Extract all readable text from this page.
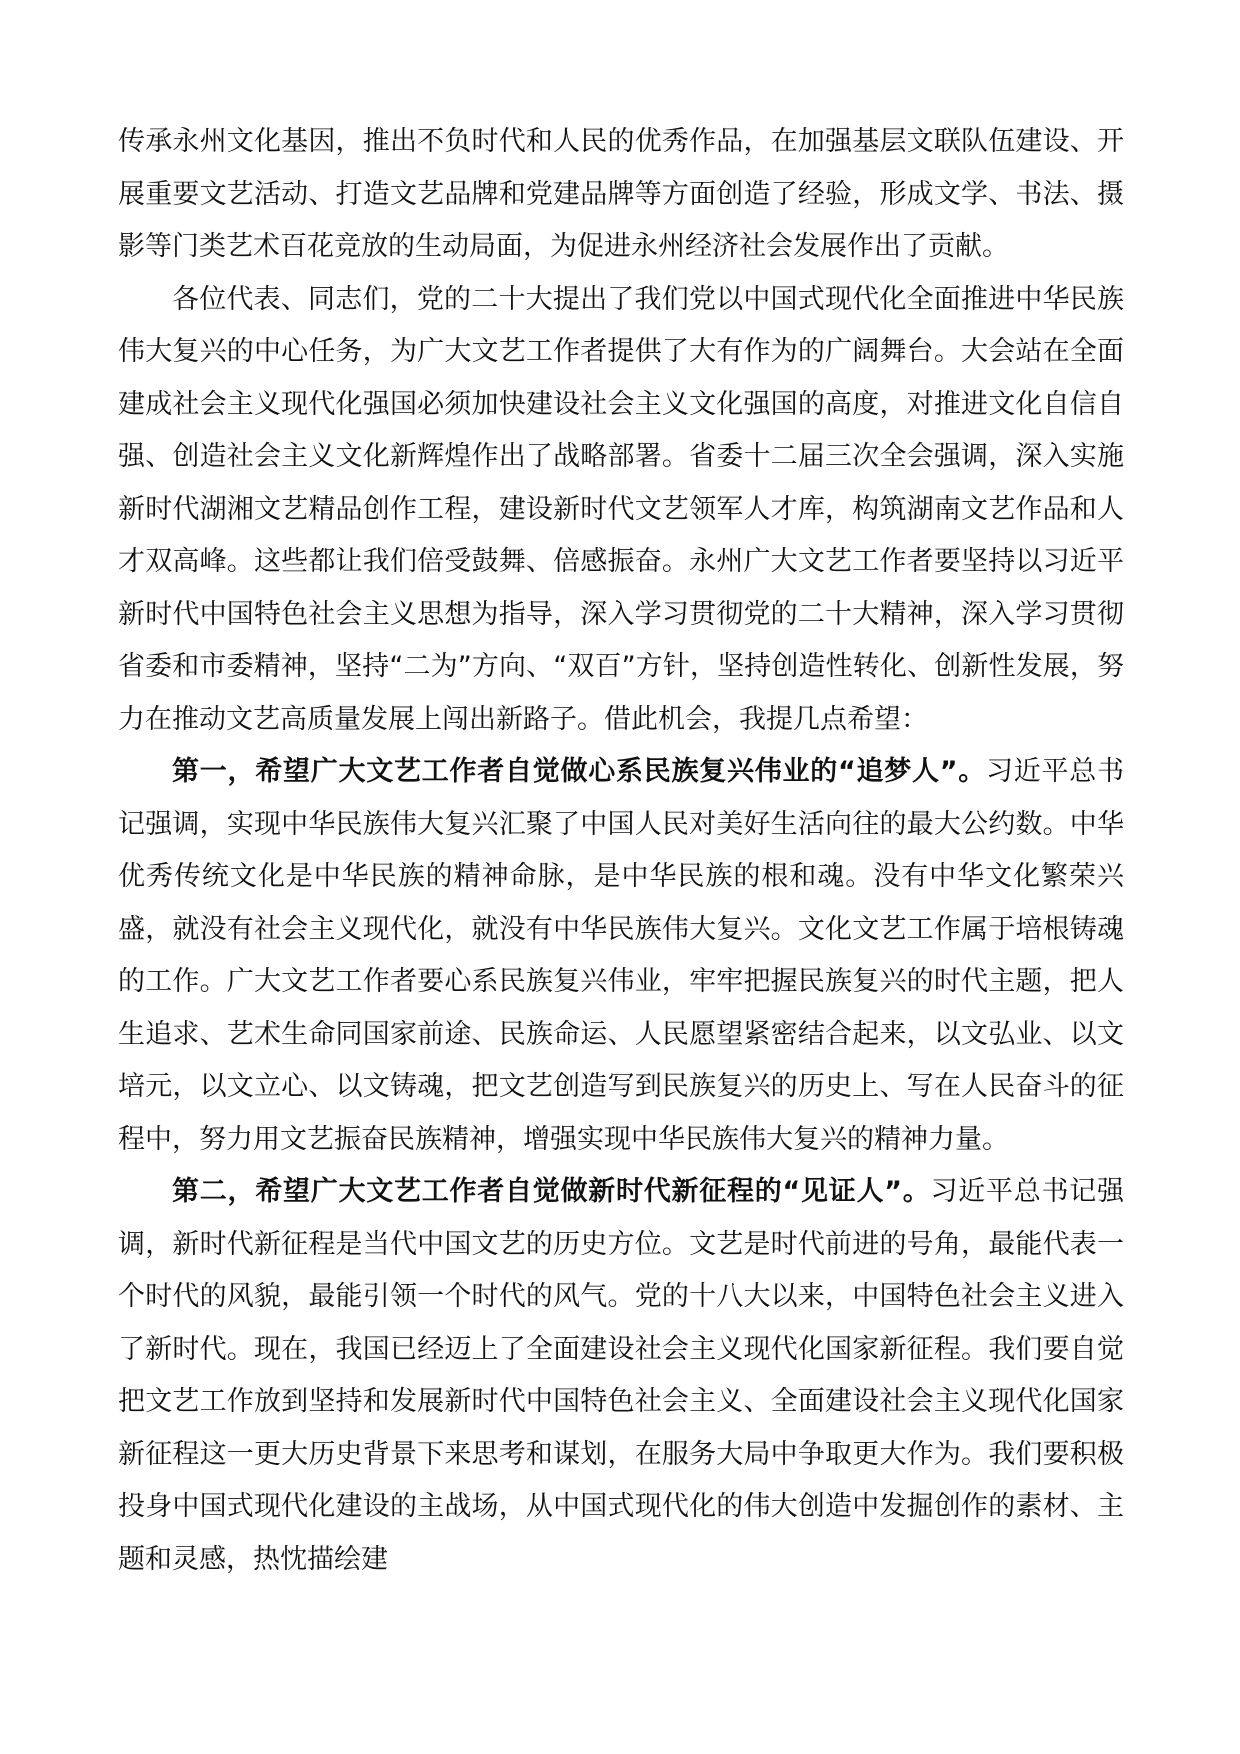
传承永州文化基因，推出不负时代和人民的优秀作品，在加强基层文联队伍建设、开展重要文艺活动、打造文艺品牌和党建品牌等方面创造了经验，形成文学、书法、摄影等门类艺术百花竞放的生动局面，为促进永州经济社会发展作出了贡献。

各位代表、同志们，党的二十大提出了我们党以中国式现代化全面推进中华民族伟大复兴的中心任务，为广大文艺工作者提供了大有作为的广阔舞台。大会站在全面建成社会主义现代化强国必须加快建设社会主义文化强国的高度，对推进文化自信自强、创造社会主义文化新辉煌作出了战略部署。省委十二届三次全会强调，深入实施新时代湖湘文艺精品创作工程，建设新时代文艺领军人才库，构筑湖南文艺作品和人才双高峰。这些都让我们倍受鼓舞、倍感振奋。永州广大文艺工作者要坚持以习近平新时代中国特色社会主义思想为指导，深入学习贯彻党的二十大精神，深入学习贯彻省委和市委精神，坚持“二为”方向、“双百”方针，坚持创造性转化、创新性发展，努力在推动文艺高质量发展上闯出新路子。借此机会，我提几点希望：

第一，希望广大文艺工作者自觉做心系民族复兴伟业的“追梦人”。习近平总书记强调，实现中华民族伟大复兴汇聚了中国人民对美好生活向往的最大公约数。中华优秀传统文化是中华民族的精神命脉，是中华民族的根和魂。没有中华文化繁荣兴盛，就没有社会主义现代化，就没有中华民族伟大复兴。文化文艺工作属于培根铸魂的工作。广大文艺工作者要心系民族复兴伟业，牢牢把握民族复兴的时代主题，把人生追求、艺术生命同国家前途、民族命运、人民愿望紧密结合起来，以文弘业、以文培元，以文立心、以文铸魂，把文艺创造写到民族复兴的历史上、写在人民奋斗的征程中，努力用文艺振奋民族精神，增强实现中华民族伟大复兴的精神力量。

第二，希望广大文艺工作者自觉做新时代新征程的“见证人”。习近平总书记强调，新时代新征程是当代中国文艺的历史方位。文艺是时代前进的号角，最能代表一个时代的风貌，最能引领一个时代的风气。党的十八大以来，中国特色社会主义进入了新时代。现在，我国已经迈上了全面建设社会主义现代化国家新征程。我们要自觉把文艺工作放到坚持和发展新时代中国特色社会主义、全面建设社会主义现代化国家新征程这一更大历史背景下来思考和谋划，在服务大局中争取更大作为。我们要积极投身中国式现代化建设的主战场，从中国式现代化的伟大创造中发掘创作的素材、主题和灵感，热忱描绘建
